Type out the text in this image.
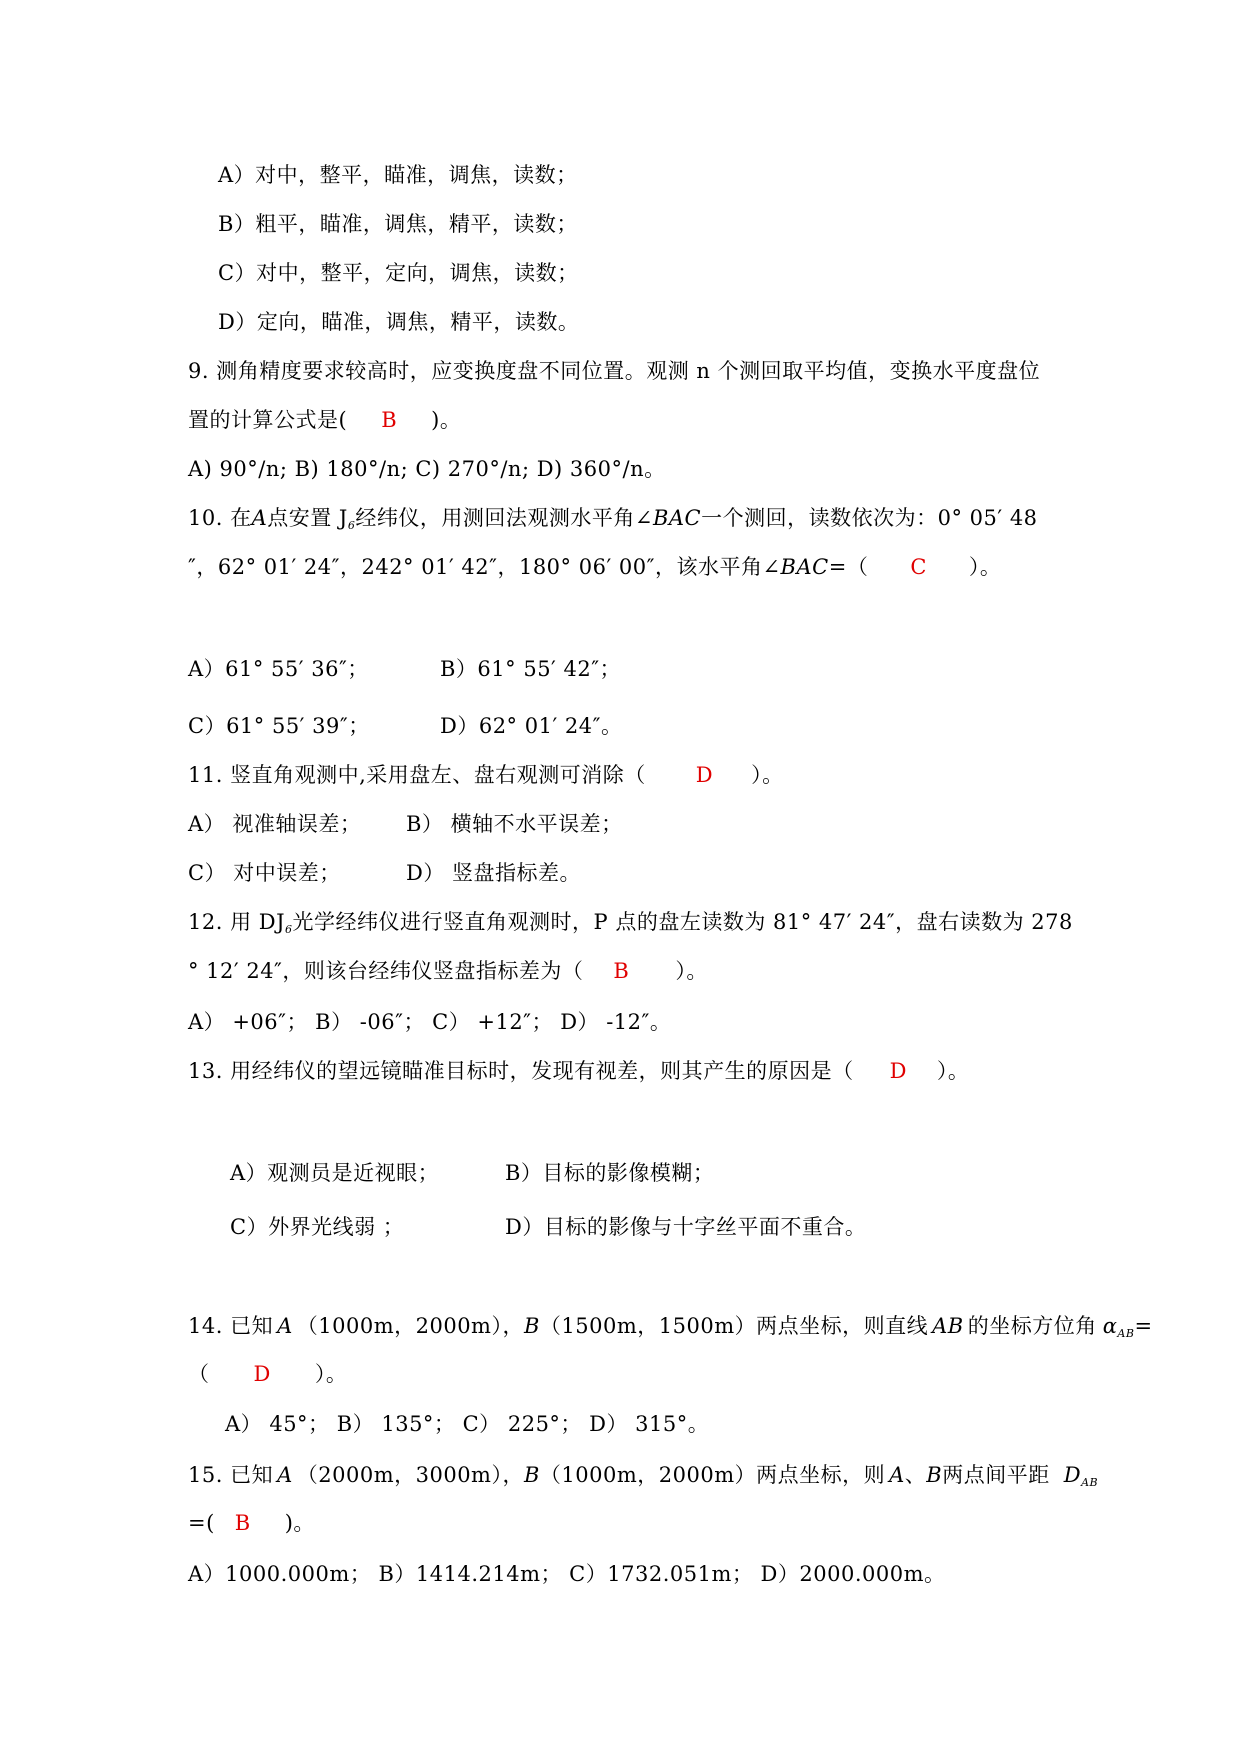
A）对中，整平，瞄准，调焦，读数；
B）粗平，瞄准，调焦，精平，读数；
C）对中，整平，定向，调焦，读数；
D）定向，瞄准，调焦，精平，读数。
9. 测角精度要求较高时，应变换度盘不同位置。观测 n 个测回取平均值，变换水平度盘位
置的计算公式是( B )。
A) 90°/n; B) 180°/n; C) 270°/n; D) 360°/n。
10. 在A点安置 $J_6$经纬仪，用测回法观测水平角∠BAC一个测回，读数依次为：0° 05′ 48
″，62° 01′ 24″，242° 01′ 42″，180° 06′ 00″，该水平角∠BAC=（ C ）。
A）61° 55′ 36″；	B）61° 55′ 42″；
C）61° 55′ 39″；	D）62° 01′ 24″。
11. 竖直角观测中,采用盘左、盘右观测可消除（ D ）。
A） 视准轴误差； B） 横轴不水平误差；
C） 对中误差；	D） 竖盘指标差。
12. 用 $DJ_6$光学经纬仪进行竖直角观测时，P 点的盘左读数为 81° 47′ 24″，盘右读数为 278
° 12′ 24″，则该台经纬仪竖盘指标差为（ B ）。
A） +06″； B） -06″； C） +12″； D） -12″。
13. 用经纬仪的望远镜瞄准目标时，发现有视差，则其产生的原因是（ D ）。
A）观测员是近视眼；	B）目标的影像模糊；
C）外界光线弱 ；	D）目标的影像与十字丝平面不重合。
14. 已知 A （1000m，2000m），B（1500m，1500m）两点坐标，则直线 AB 的坐标方位角 $\alpha_{AB}=$
（ D ）。
A） 45°； B） 135°； C） 225°； D） 315°。
15. 已知 A （2000m，3000m），B（1000m，2000m）两点坐标，则 A、B两点间平距 $D_{AB}$
=( B )。
A）1000.000m； B）1414.214m； C）1732.051m； D）2000.000m。
